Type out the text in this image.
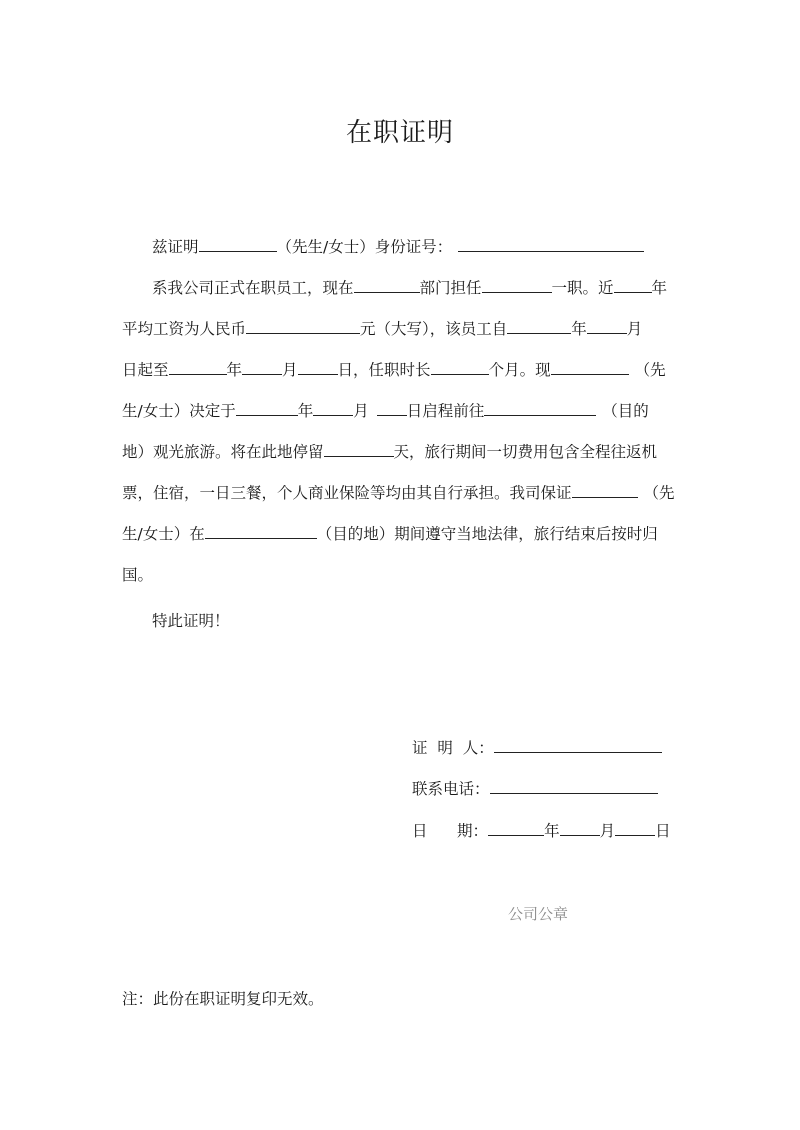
在职证明
兹证明	（先生/女士）身份证号：
系我公司正式在职员工，现在	部门担任	一职。近 年
平均工资为人民币	元（大写），该员工自	年	月
日起至	年	月	日，任职时长	个月。现	（先
生/女士）决定于	年	月 日启程前往	（目的
地）观光旅游。将在此地停留	天，旅行期间一切费用包含全程往返机
票，住宿，一日三餐，个人商业保险等均由其自行承担。我司保证	（先
生/女士）在	（目的地）期间遵守当地法律，旅行结束后按时归
国。
特此证明！
证  明  人：
联系电话：
日      期：	年	月	日
公司公章
注：此份在职证明复印无效。
